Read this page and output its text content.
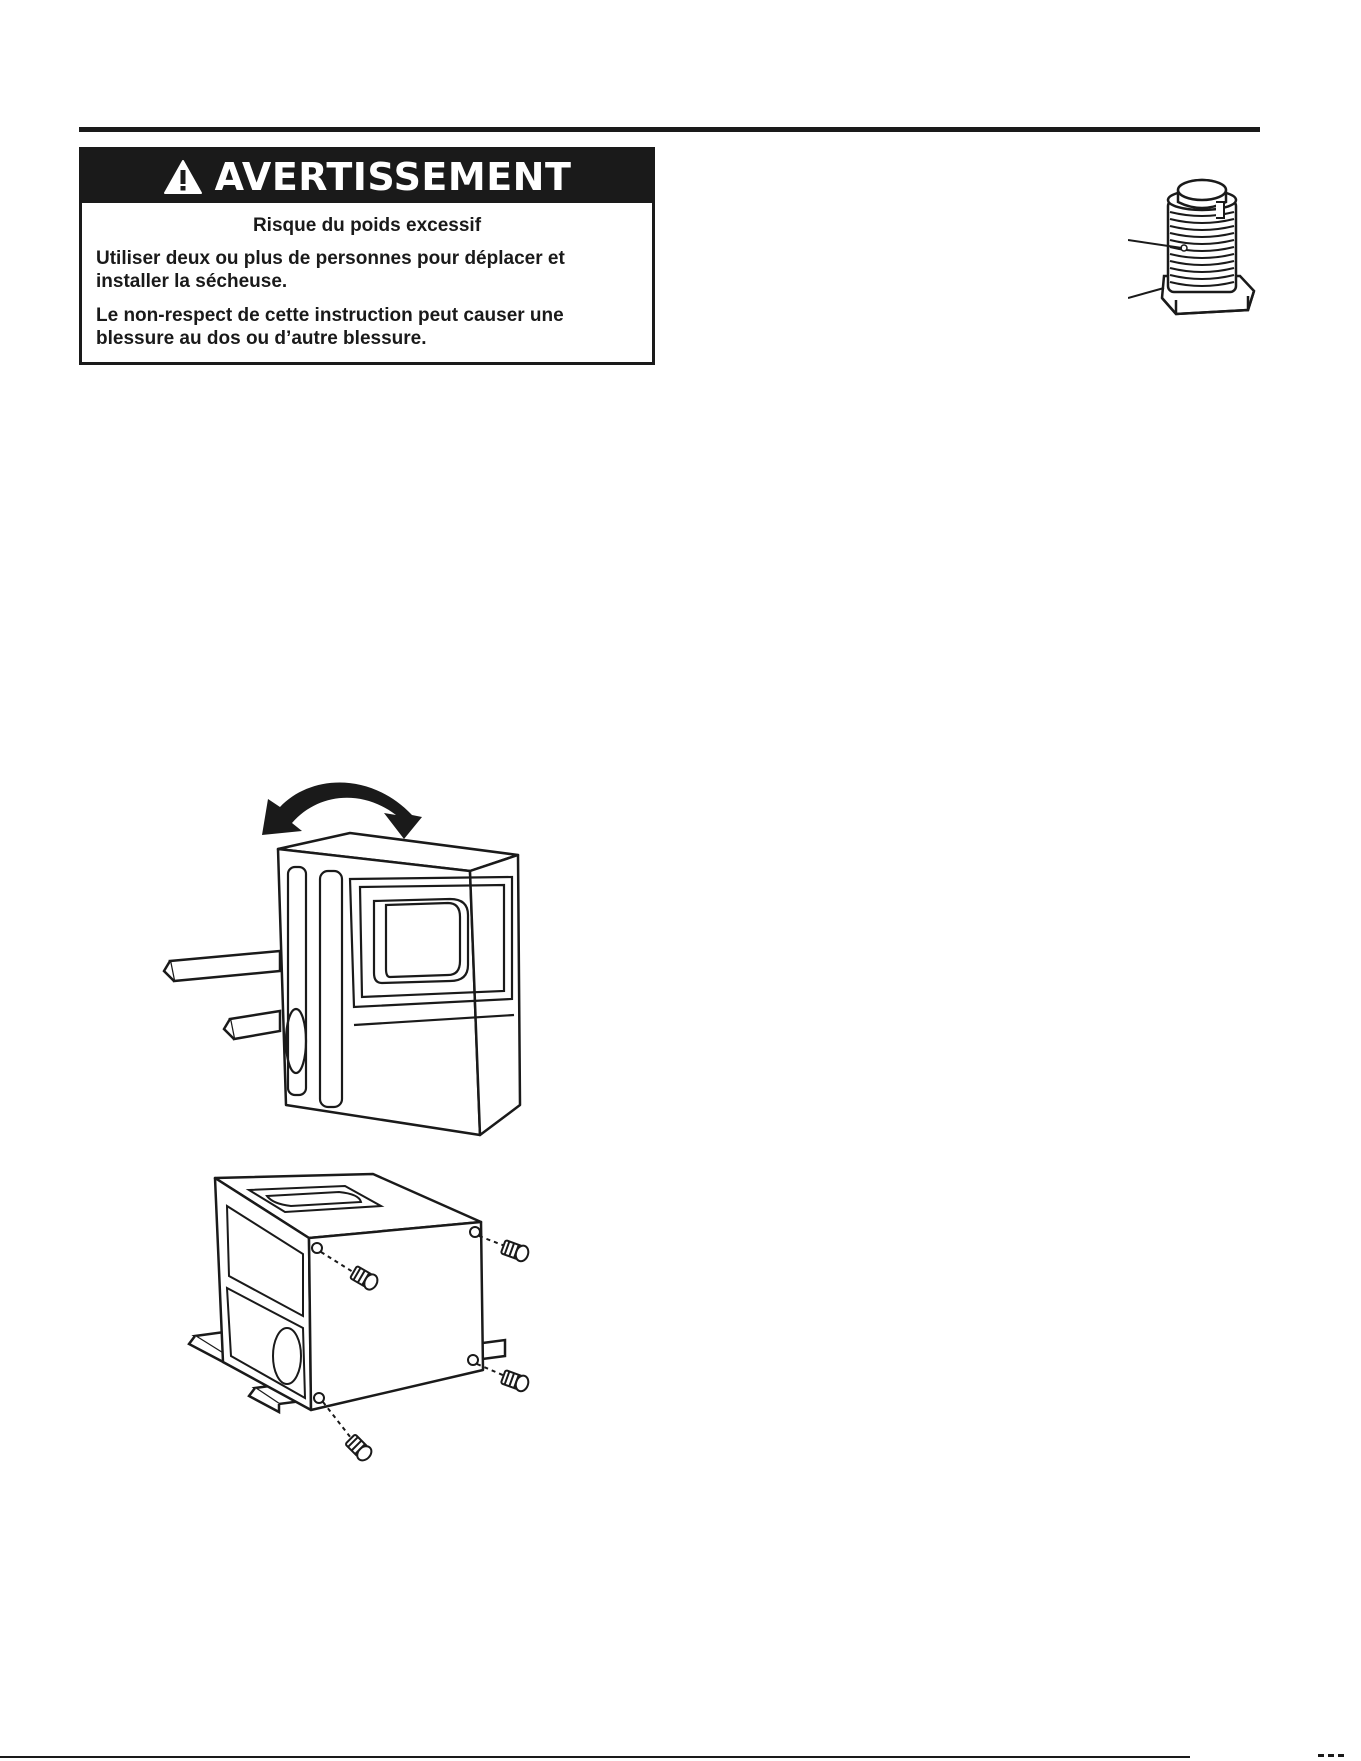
AVERTISSEMENT
Risque du poids excessif

Utiliser deux ou plus de personnes pour déplacer et installer la sécheuse.

Le non-respect de cette instruction peut causer une blessure au dos ou d’autre blessure.
